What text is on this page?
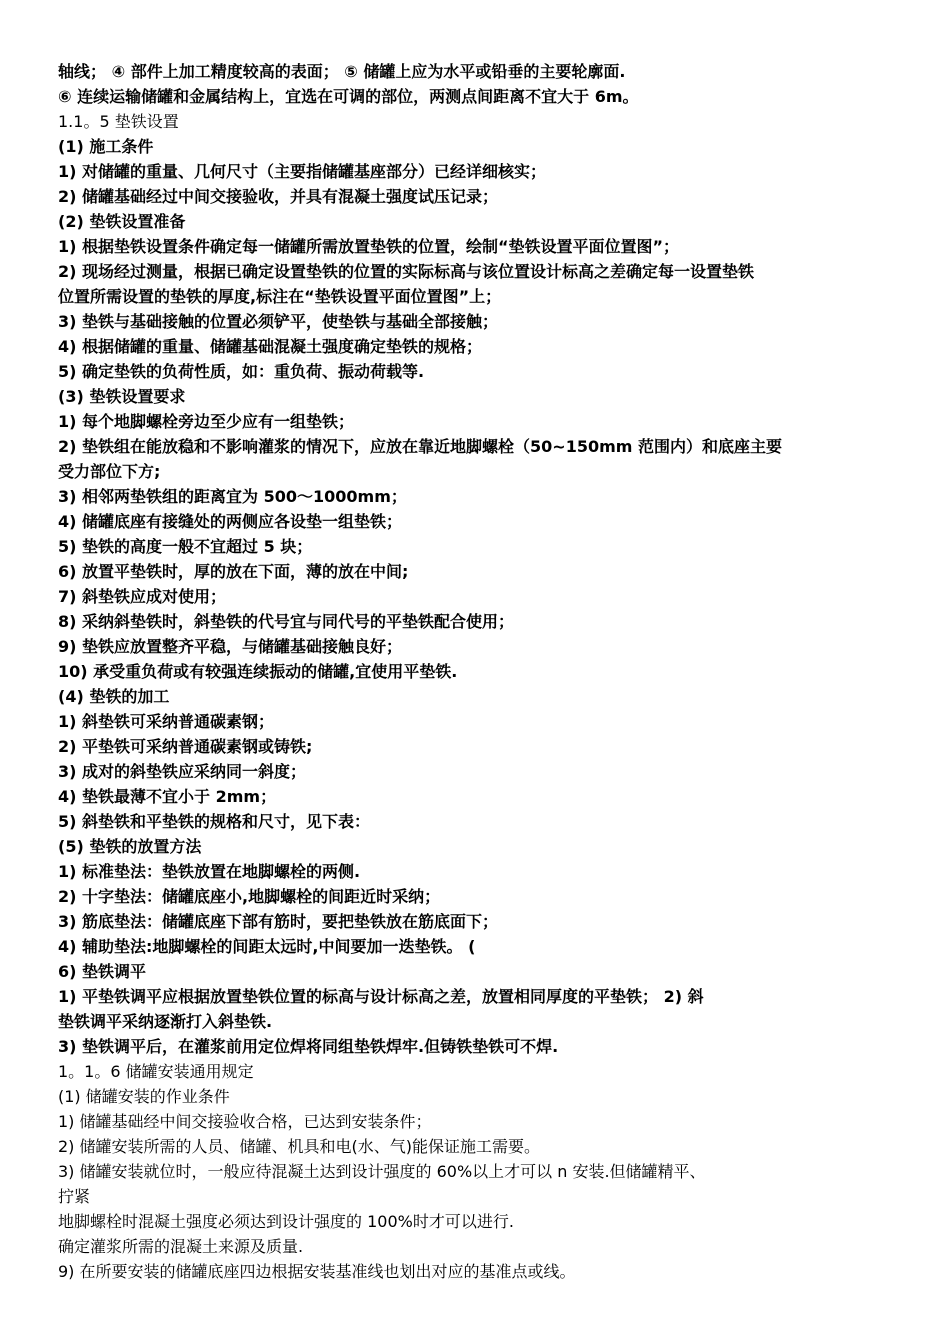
轴线； ④ 部件上加工精度较高的表面； ⑤ 储罐上应为水平或铅垂的主要轮廓面.
⑥ 连续运输储罐和金属结构上，宜选在可调的部位，两测点间距离不宜大于 6m。
1.1。5 垫铁设置
(1) 施工条件
1) 对储罐的重量、几何尺寸（主要指储罐基座部分）已经详细核实；
2) 储罐基础经过中间交接验收，并具有混凝土强度试压记录；
(2) 垫铁设置准备
1) 根据垫铁设置条件确定每一储罐所需放置垫铁的位置，绘制“垫铁设置平面位置图”；
2) 现场经过测量，根据已确定设置垫铁的位置的实际标高与该位置设计标高之差确定每一设置垫铁
位置所需设置的垫铁的厚度,标注在“垫铁设置平面位置图”上；
3) 垫铁与基础接触的位置必须铲平，使垫铁与基础全部接触；
4) 根据储罐的重量、储罐基础混凝土强度确定垫铁的规格；
5) 确定垫铁的负荷性质，如：重负荷、振动荷载等.
(3) 垫铁设置要求
1) 每个地脚螺栓旁边至少应有一组垫铁；
2) 垫铁组在能放稳和不影响灌浆的情况下，应放在靠近地脚螺栓（50~150mm 范围内）和底座主要
受力部位下方;
3) 相邻两垫铁组的距离宜为 500～1000mm；
4) 储罐底座有接缝处的两侧应各设垫一组垫铁；
5) 垫铁的高度一般不宜超过 5 块；
6) 放置平垫铁时，厚的放在下面，薄的放在中间;
7) 斜垫铁应成对使用；
8) 采纳斜垫铁时，斜垫铁的代号宜与同代号的平垫铁配合使用；
9) 垫铁应放置整齐平稳，与储罐基础接触良好；
10) 承受重负荷或有较强连续振动的储罐,宜使用平垫铁.
(4) 垫铁的加工
1) 斜垫铁可采纳普通碳素钢；
2) 平垫铁可采纳普通碳素钢或铸铁;
3) 成对的斜垫铁应采纳同一斜度；
4) 垫铁最薄不宜小于 2mm；
5) 斜垫铁和平垫铁的规格和尺寸，见下表：
(5) 垫铁的放置方法
1) 标准垫法：垫铁放置在地脚螺栓的两侧.
2) 十字垫法：储罐底座小,地脚螺栓的间距近时采纳；
3) 筋底垫法：储罐底座下部有筋时，要把垫铁放在筋底面下；
4) 辅助垫法:地脚螺栓的间距太远时,中间要加一迭垫铁。 (
6) 垫铁调平
1) 平垫铁调平应根据放置垫铁位置的标高与设计标高之差，放置相同厚度的平垫铁； 2) 斜
垫铁调平采纳逐渐打入斜垫铁.
3) 垫铁调平后，在灌浆前用定位焊将同组垫铁焊牢.但铸铁垫铁可不焊.
1。1。6 储罐安装通用规定
(1) 储罐安装的作业条件
1) 储罐基础经中间交接验收合格，已达到安装条件；
2) 储罐安装所需的人员、储罐、机具和电(水、气)能保证施工需要。
3) 储罐安装就位时，一般应待混凝土达到设计强度的 60%以上才可以 n 安装.但储罐精平、
拧紧
地脚螺栓时混凝土强度必须达到设计强度的 100%时才可以进行.
确定灌浆所需的混凝土来源及质量.
9) 在所要安装的储罐底座四边根据安装基准线也划出对应的基准点或线。
